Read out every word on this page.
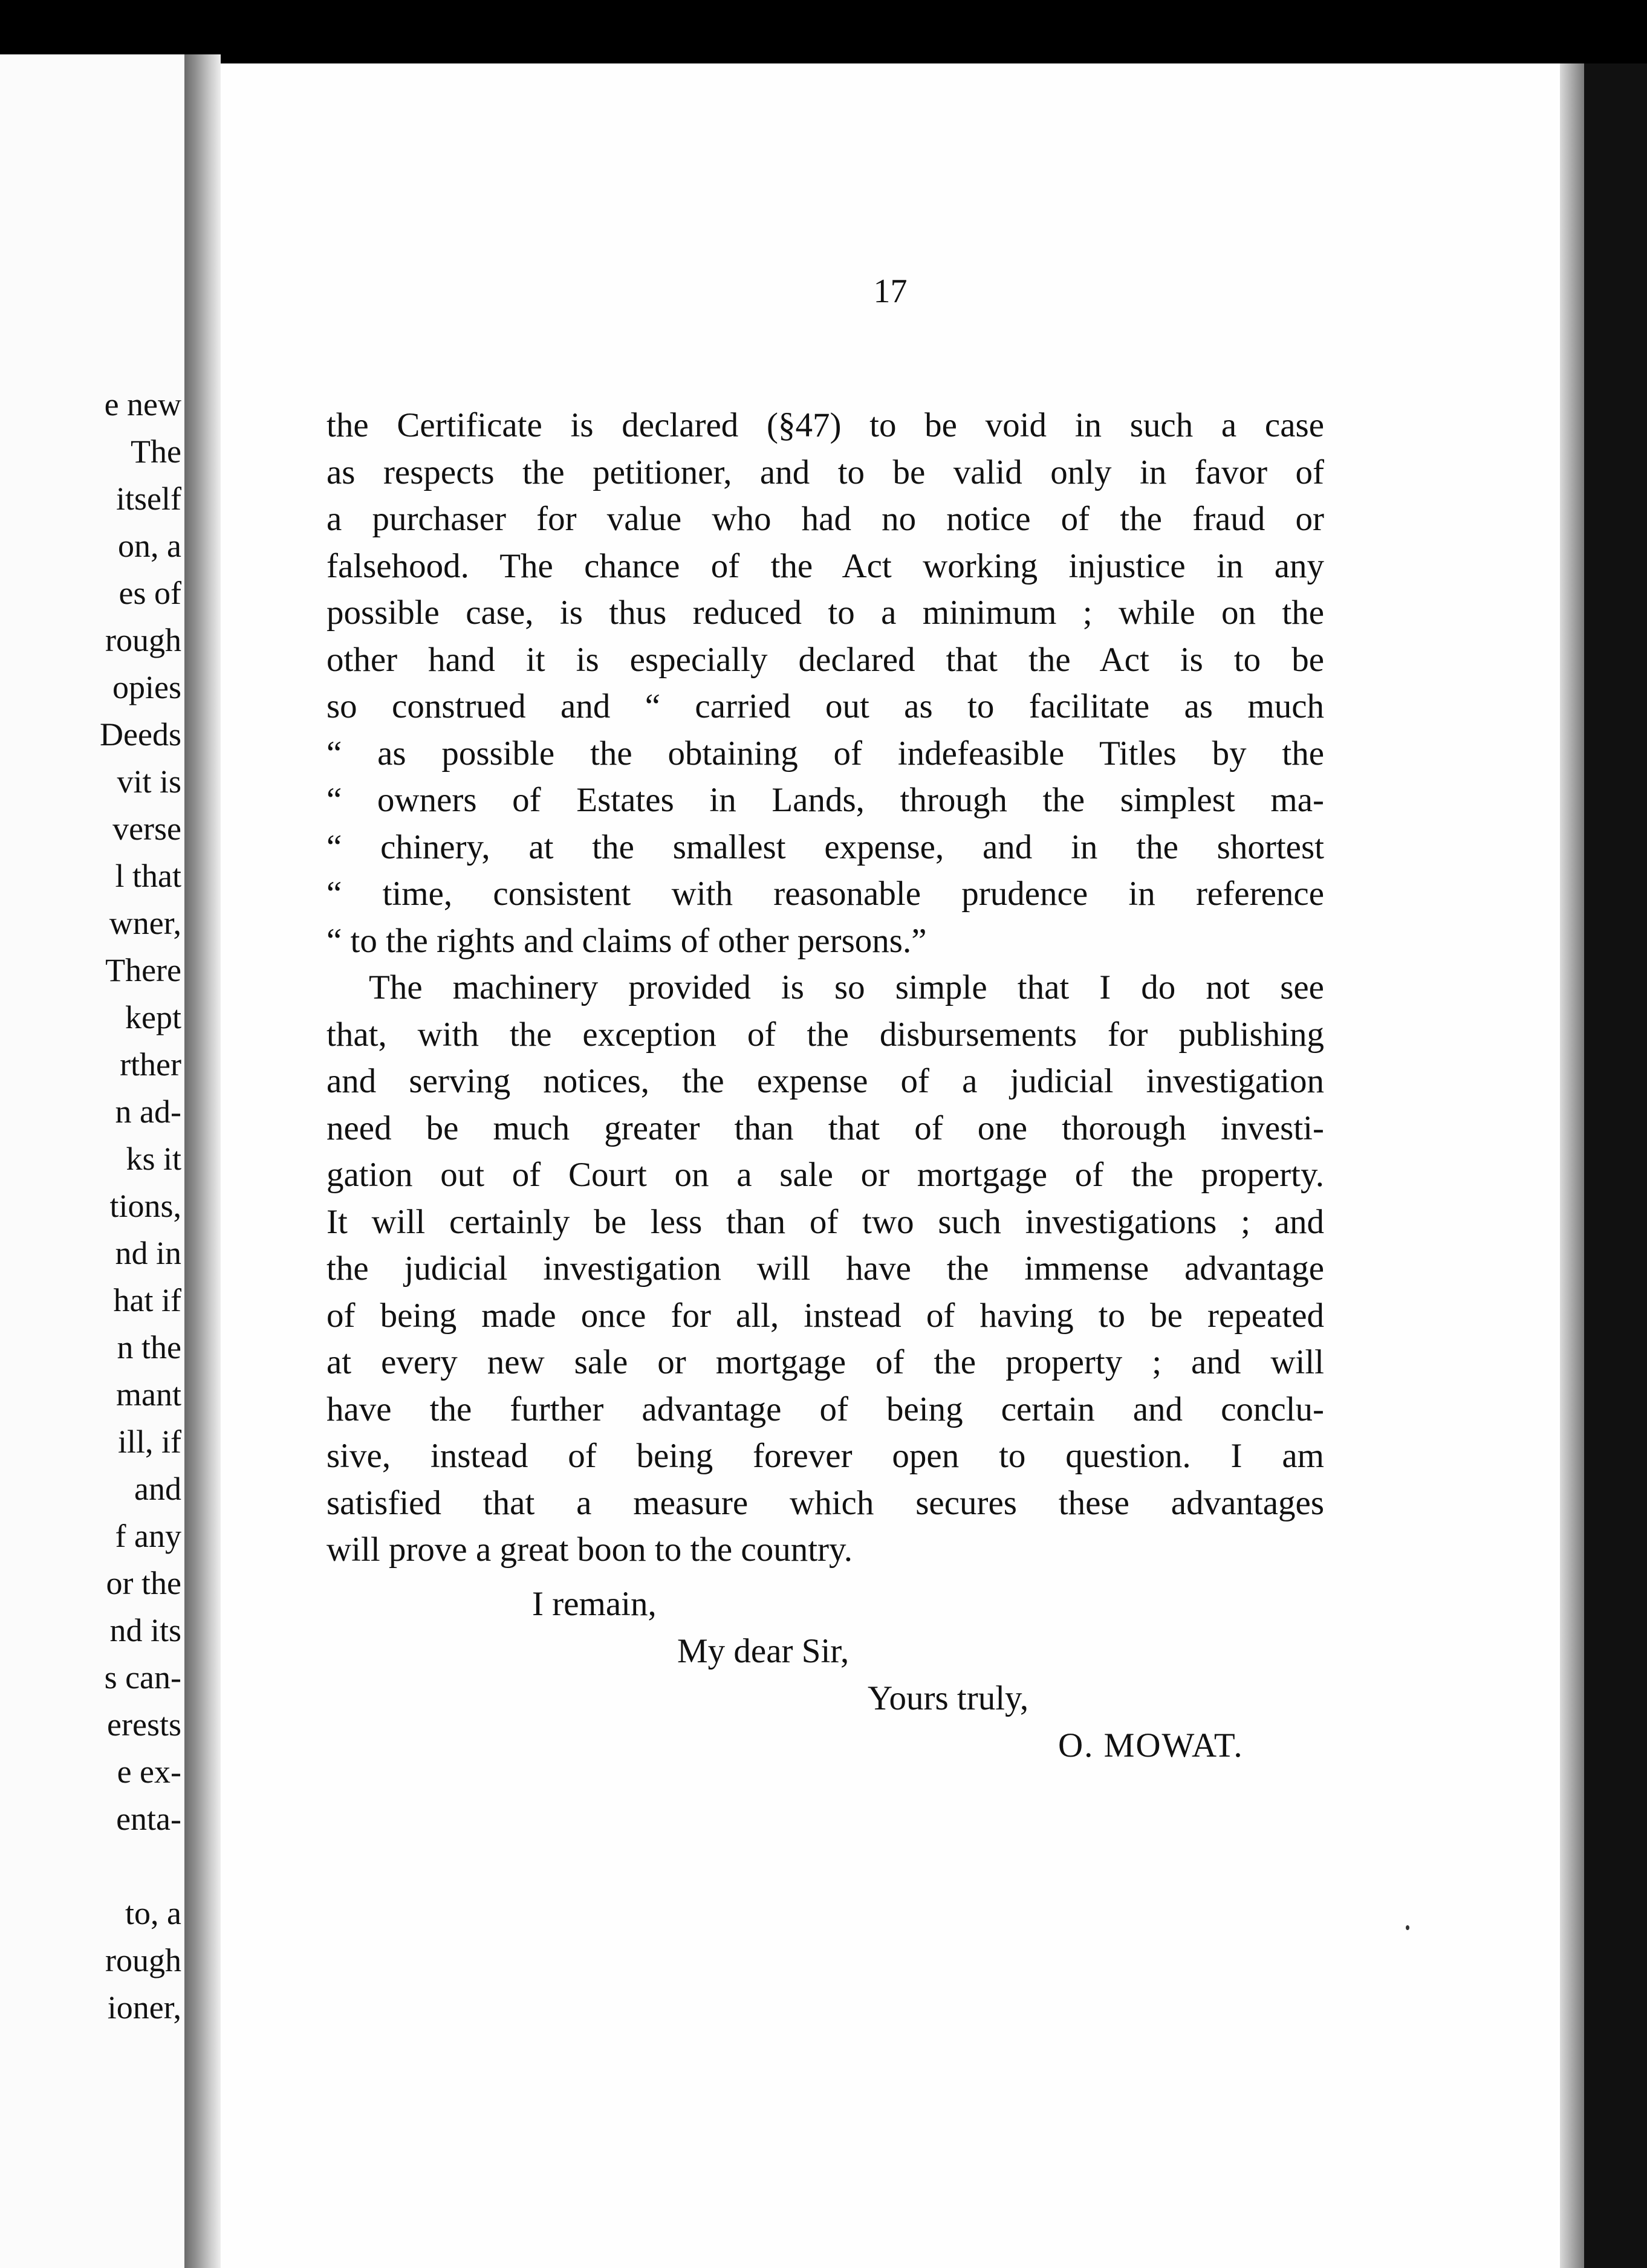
e new
The
itself
on, a
es of
rough
opies
Deeds
vit is
verse
l that
wner,
There
kept
rther
n ad-
ks it
tions,
nd in
hat if
n the
mant
ill, if
and
f any
or the
nd its
s can-
erests
e ex-
enta-
to, a
rough
ioner,

17

the Certificate is declared (§47) to be void in such a case
as respects the petitioner, and to be valid only in favor of
a purchaser for value who had no notice of the fraud or
falsehood. The chance of the Act working injustice in any
possible case, is thus reduced to a minimum ; while on the
other hand it is especially declared that the Act is to be
so construed and “ carried out as to facilitate as much
“ as possible the obtaining of indefeasible Titles by the
“ owners of Estates in Lands, through the simplest ma-
“ chinery, at the smallest expense, and in the shortest
“ time, consistent with reasonable prudence in reference
“ to the rights and claims of other persons.”
The machinery provided is so simple that I do not see
that, with the exception of the disbursements for publishing
and serving notices, the expense of a judicial investigation
need be much greater than that of one thorough investi-
gation out of Court on a sale or mortgage of the property.
It will certainly be less than of two such investigations ; and
the judicial investigation will have the immense advantage
of being made once for all, instead of having to be repeated
at every new sale or mortgage of the property ; and will
have the further advantage of being certain and conclu-
sive, instead of being forever open to question. I am
satisfied that a measure which secures these advantages
will prove a great boon to the country.
I remain,
My dear Sir,
Yours truly,
O. MOWAT.
